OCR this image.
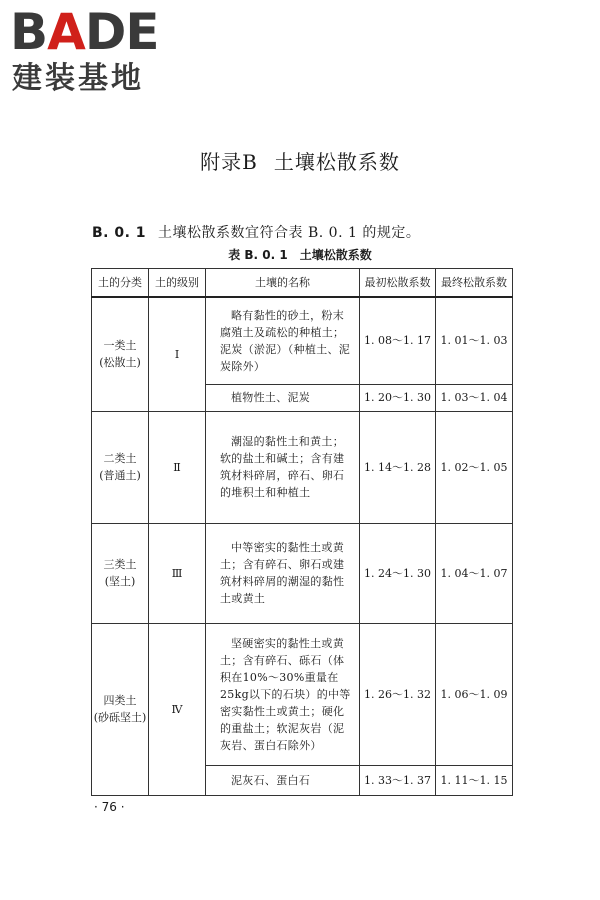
BADE
建装基地
附录B 土壤松散系数
B. 0. 1 土壤松散系数宜符合表 B. 0. 1 的规定。
表 B. 0. 1 土壤松散系数
土的分类	土的级别	土壤的名称	最初松散系数	最终松散系数
一类土
(松散土)	Ⅰ	略有黏性的砂土，粉末腐殖土及疏松的种植土；泥炭（淤泥）（种植土、泥炭除外）	1. 08～1. 17	1. 01～1. 03

		植物性土、泥炭	1. 20～1. 30	1. 03～1. 04
二类土
(普通土)	Ⅱ	潮湿的黏性土和黄土；软的盐土和碱土；含有建筑材料碎屑，碎石、卵石的堆积土和种植土	1. 14～1. 28	1. 02～1. 05
三类土
(坚土)	Ⅲ	中等密实的黏性土或黄土；含有碎石、卵石或建筑材料碎屑的潮湿的黏性土或黄土	1. 24～1. 30	1. 04～1. 07
四类土
(砂砾坚土)	Ⅳ	坚硬密实的黏性土或黄土；含有碎石、砾石（体积在10%～30%重量在25kg以下的石块）的中等密实黏性土或黄土；硬化的重盐土；软泥灰岩（泥灰岩、蛋白石除外）	1. 26～1. 32	1. 06～1. 09

		泥灰石、蛋白石	1. 33～1. 37	1. 11～1. 15
· 76 ·
